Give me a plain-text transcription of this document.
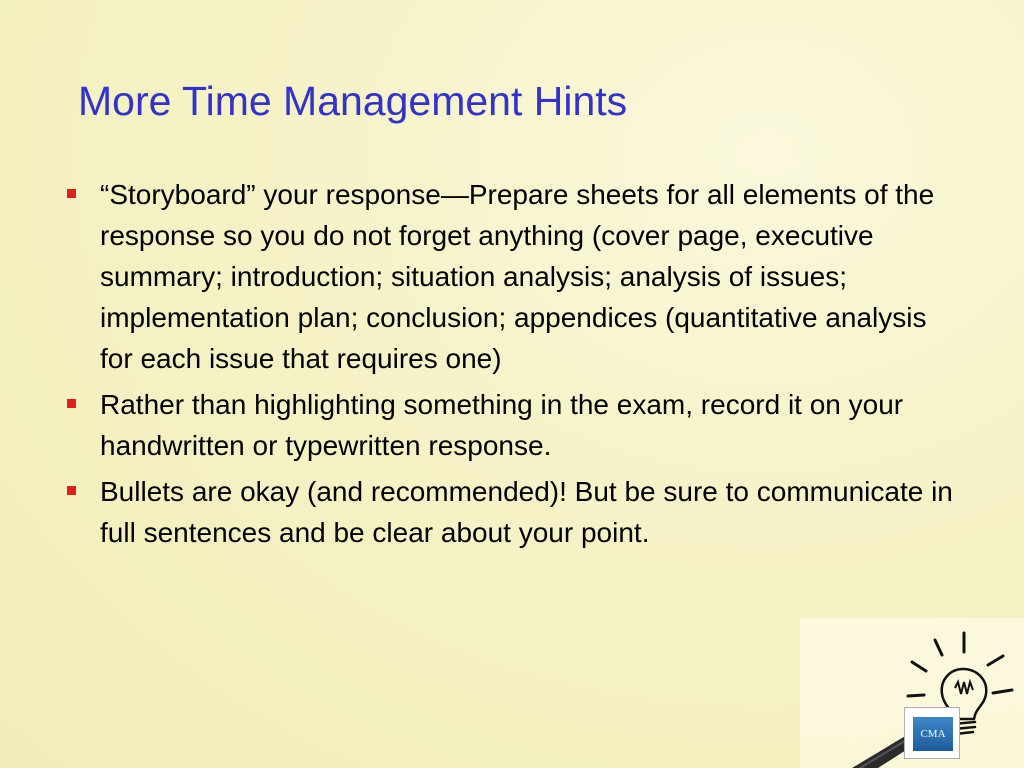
More Time Management Hints
“Storyboard” your response—Prepare sheets for all elements of the response so you do not forget anything (cover page, executive summary; introduction; situation analysis; analysis of issues; implementation plan; conclusion; appendices (quantitative analysis for each issue that requires one)
Rather than highlighting something in the exam, record it on your handwritten or typewritten response.
Bullets are okay (and recommended)! But be sure to communicate in full sentences and be clear about your point.
CMA
